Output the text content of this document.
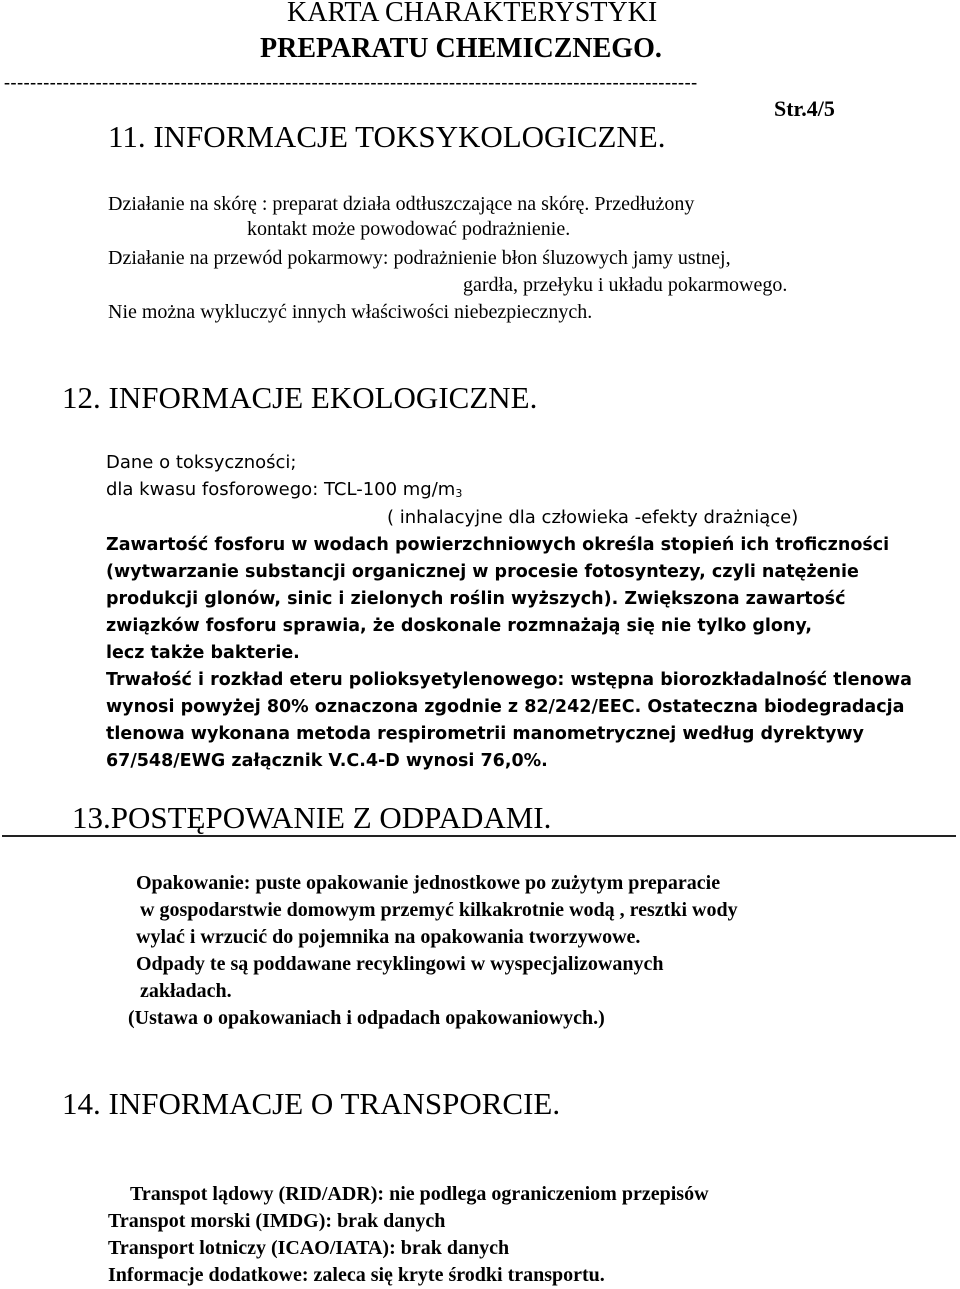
KARTA CHARAKTERYSTYKI
PREPARATU CHEMICZNEGO.
----------------------------------------------------------------------------------------------------------
Str.4/5
11. INFORMACJE TOKSYKOLOGICZNE.
Działanie na skórę : preparat działa odtłuszczające na skórę. Przedłużony
kontakt może powodować podrażnienie.
Działanie na przewód pokarmowy: podrażnienie błon śluzowych jamy ustnej,
gardła, przełyku i układu pokarmowego.
Nie można wykluczyć innych właściwości niebezpiecznych.
12. INFORMACJE EKOLOGICZNE.
Dane o toksyczności;
dla kwasu fosforowego: TCL-100 $mg/m_3$
( inhalacyjne dla człowieka -efekty drażniące)
Zawartość fosforu w wodach powierzchniowych określa stopień ich troficzności
(wytwarzanie substancji organicznej w procesie fotosyntezy, czyli natężenie
produkcji glonów, sinic i zielonych roślin wyższych). Zwiększona zawartość
związków fosforu sprawia, że doskonale rozmnażają się nie tylko glony,
lecz także bakterie.
Trwałość i rozkład eteru polioksyetylenowego: wstępna biorozkładalność tlenowa
wynosi powyżej 80% oznaczona zgodnie z 82/242/EEC. Ostateczna biodegradacja
tlenowa wykonana metoda respirometrii manometrycznej według dyrektywy
67/548/EWG załącznik V.C.4-D wynosi 76,0%.
13.POSTĘPOWANIE Z ODPADAMI.
Opakowanie: puste opakowanie jednostkowe po zużytym preparacie
w gospodarstwie domowym przemyć kilkakrotnie wodą , resztki wody
wylać i wrzucić do pojemnika na opakowania tworzywowe.
Odpady te są poddawane recyklingowi w wyspecjalizowanych
zakładach.
(Ustawa o opakowaniach i odpadach opakowaniowych.)
14. INFORMACJE O TRANSPORCIE.
Transpot lądowy (RID/ADR): nie podlega ograniczeniom przepisów
Transpot morski (IMDG): brak danych
Transport lotniczy (ICAO/IATA): brak danych
Informacje dodatkowe: zaleca się kryte środki transportu.
